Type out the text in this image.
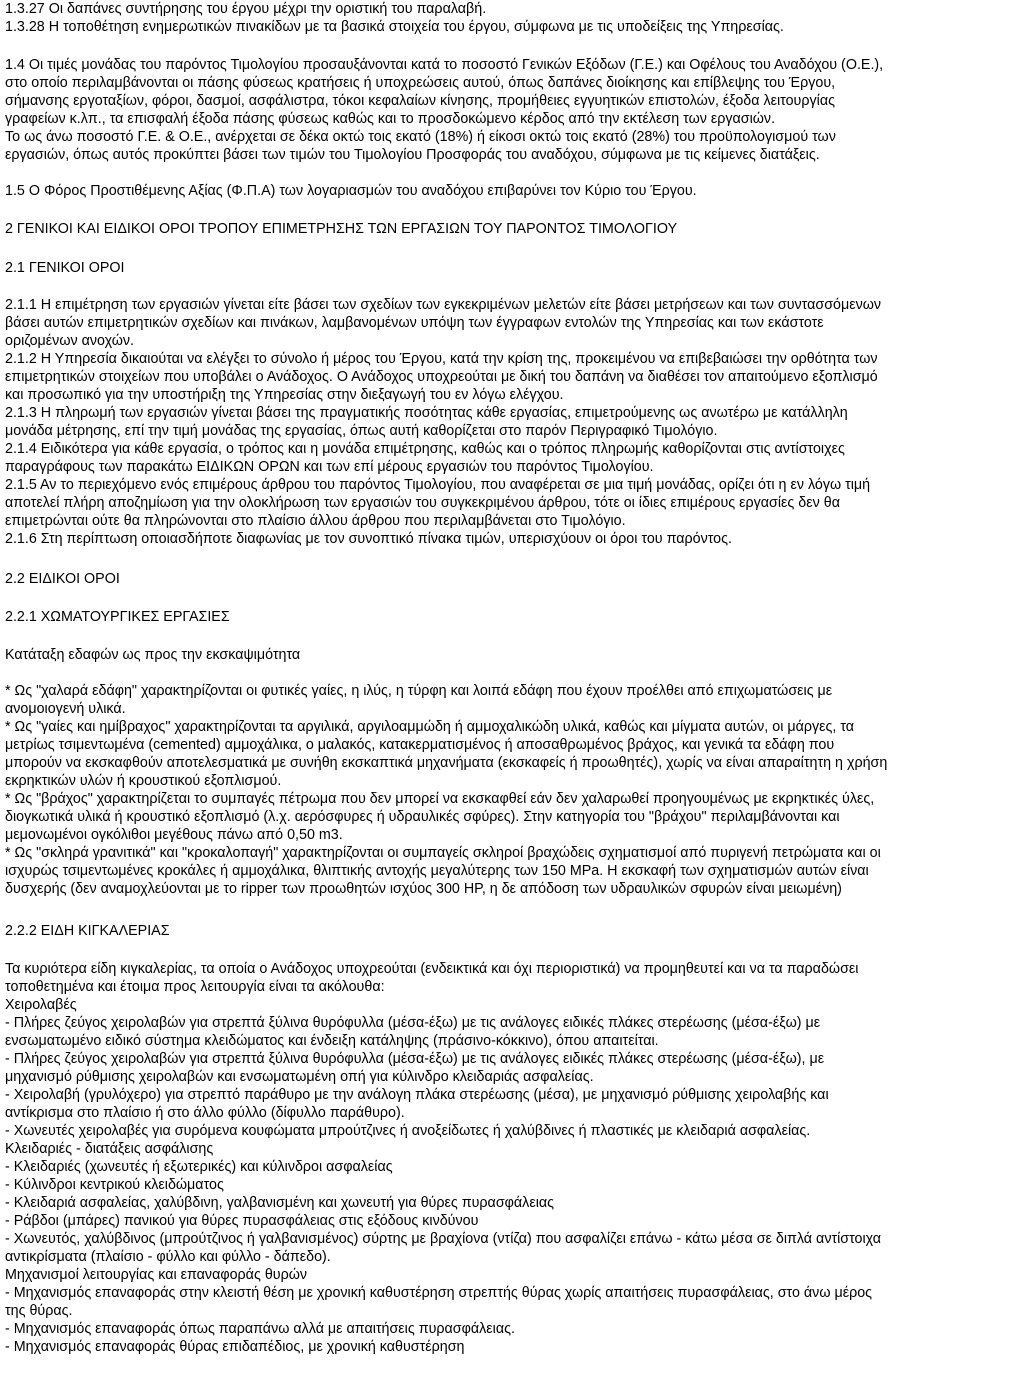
1.3.27 Οι δαπάνες συντήρησης του έργου μέχρι την οριστική του παραλαβή.

1.3.28 Η τοποθέτηση ενημερωτικών πινακίδων με τα βασικά στοιχεία του έργου, σύμφωνα με τις υποδείξεις της Υπηρεσίας.

1.4 Οι τιμές μονάδας του παρόντος Τιμολογίου προσαυξάνονται κατά το ποσοστό Γενικών Εξόδων (Γ.Ε.) και Οφέλους του Αναδόχου (Ο.Ε.),

στο οποίο περιλαμβάνονται οι πάσης φύσεως κρατήσεις ή υποχρεώσεις αυτού, όπως δαπάνες διοίκησης και επίβλεψης του Έργου,

σήμανσης εργοταξίων, φόροι, δασμοί, ασφάλιστρα, τόκοι κεφαλαίων κίνησης, προμήθειες εγγυητικών επιστολών, έξοδα λειτουργίας

γραφείων κ.λπ., τα επισφαλή έξοδα πάσης φύσεως καθώς και το προσδοκώμενο κέρδος από την εκτέλεση των εργασιών.

Το ως άνω ποσοστό Γ.Ε. & Ο.Ε., ανέρχεται σε δέκα οκτώ τοις εκατό (18%) ή είκοσι οκτώ τοις εκατό (28%) του προϋπολογισμού των

εργασιών, όπως αυτός προκύπτει βάσει των τιμών του Τιμολογίου Προσφοράς του αναδόχου, σύμφωνα με τις κείμενες διατάξεις.

1.5 Ο Φόρος Προστιθέμενης Αξίας (Φ.Π.Α) των λογαριασμών του αναδόχου επιβαρύνει τον Κύριο του Έργου.

2 ΓΕΝΙΚΟΙ ΚΑΙ ΕΙΔΙΚΟΙ ΟΡΟΙ ΤΡΟΠΟΥ ΕΠΙΜΕΤΡΗΣΗΣ ΤΩΝ ΕΡΓΑΣΙΩΝ ΤΟΥ ΠΑΡΟΝΤΟΣ ΤΙΜΟΛΟΓΙΟΥ

2.1 ΓΕΝΙΚΟΙ ΟΡΟΙ

2.1.1 Η επιμέτρηση των εργασιών γίνεται είτε βάσει των σχεδίων των εγκεκριμένων μελετών είτε βάσει μετρήσεων και των συντασσόμενων

βάσει αυτών επιμετρητικών σχεδίων και πινάκων, λαμβανομένων υπόψη των έγγραφων εντολών της Υπηρεσίας και των εκάστοτε

οριζομένων ανοχών.

2.1.2 Η Υπηρεσία δικαιούται να ελέγξει το σύνολο ή μέρος του Έργου, κατά την κρίση της, προκειμένου να επιβεβαιώσει την ορθότητα των

επιμετρητικών στοιχείων που υποβάλει ο Ανάδοχος. Ο Ανάδοχος υποχρεούται με δική του δαπάνη να διαθέσει τον απαιτούμενο εξοπλισμό

και προσωπικό για την υποστήριξη της Υπηρεσίας στην διεξαγωγή του εν λόγω ελέγχου.

2.1.3 Η πληρωμή των εργασιών γίνεται βάσει της πραγματικής ποσότητας κάθε εργασίας, επιμετρούμενης ως ανωτέρω με κατάλληλη

μονάδα μέτρησης, επί την τιμή μονάδας της εργασίας, όπως αυτή καθορίζεται στο παρόν Περιγραφικό Τιμολόγιο.

2.1.4 Ειδικότερα για κάθε εργασία, ο τρόπος και η μονάδα επιμέτρησης, καθώς και ο τρόπος πληρωμής καθορίζονται στις αντίστοιχες

παραγράφους των παρακάτω ΕΙΔΙΚΩΝ ΟΡΩΝ και των επί μέρους εργασιών του παρόντος Τιμολογίου.

2.1.5 Αν το περιεχόμενο ενός επιμέρους άρθρου του παρόντος Τιμολογίου, που αναφέρεται σε μια τιμή μονάδας, ορίζει ότι η εν λόγω τιμή

αποτελεί πλήρη αποζημίωση για την ολοκλήρωση των εργασιών του συγκεκριμένου άρθρου, τότε οι ίδιες επιμέρους εργασίες δεν θα

επιμετρώνται ούτε θα πληρώνονται στο πλαίσιο άλλου άρθρου που περιλαμβάνεται στο Τιμολόγιο.

2.1.6 Στη περίπτωση οποιασδήποτε διαφωνίας με τον συνοπτικό πίνακα τιμών, υπερισχύουν οι όροι του παρόντος.

2.2 ΕΙΔΙΚΟΙ ΟΡΟΙ

2.2.1 ΧΩΜΑΤΟΥΡΓΙΚΕΣ ΕΡΓΑΣΙΕΣ

Κατάταξη εδαφών ως προς την εκσκαψιμότητα

* Ως "χαλαρά εδάφη" χαρακτηρίζονται οι φυτικές γαίες, η ιλύς, η τύρφη και λοιπά εδάφη που έχουν προέλθει από επιχωματώσεις με

ανομοιογενή υλικά.

* Ως "γαίες και ημίβραχος" χαρακτηρίζονται τα αργιλικά, αργιλοαμμώδη ή αμμοχαλικώδη υλικά, καθώς και μίγματα αυτών, οι μάργες, τα

μετρίως τσιμεντωμένα (cemented) αμμοχάλικα, ο μαλακός, κατακερματισμένος ή αποσαθρωμένος βράχος, και γενικά τα εδάφη που

μπορούν να εκσκαφθούν αποτελεσματικά με συνήθη εκσκαπτικά μηχανήματα (εκσκαφείς ή προωθητές), χωρίς να είναι απαραίτητη η χρήση

εκρηκτικών υλών ή κρουστικού εξοπλισμού.

* Ως "βράχος" χαρακτηρίζεται το συμπαγές πέτρωμα που δεν μπορεί να εκσκαφθεί εάν δεν χαλαρωθεί προηγουμένως με εκρηκτικές ύλες,

διογκωτικά υλικά ή κρουστικό εξοπλισμό (λ.χ. αερόσφυρες ή υδραυλικές σφύρες). Στην κατηγορία του "βράχου" περιλαμβάνονται και

μεμονωμένοι ογκόλιθοι μεγέθους πάνω από 0,50 m3.

* Ως "σκληρά γρανιτικά" και "κροκαλοπαγή" χαρακτηρίζονται οι συμπαγείς σκληροί βραχώδεις σχηματισμοί από πυριγενή πετρώματα και οι

ισχυρώς τσιμεντωμένες κροκάλες ή αμμοχάλικα, θλιπτικής αντοχής μεγαλύτερης των 150 MPa. Η εκσκαφή των σχηματισμών αυτών είναι

δυσχερής (δεν αναμοχλεύονται με το ripper των προωθητών ισχύος 300 HP, η δε απόδοση των υδραυλικών σφυρών είναι μειωμένη)

2.2.2 ΕΙΔΗ ΚΙΓΚΑΛΕΡΙΑΣ

Τα κυριότερα είδη κιγκαλερίας, τα οποία ο Ανάδοχος υποχρεούται (ενδεικτικά και όχι περιοριστικά) να προμηθευτεί και να τα παραδώσει

τοποθετημένα και έτοιμα προς λειτουργία είναι τα ακόλουθα:

Χειρολαβές

- Πλήρες ζεύγος χειρολαβών για στρεπτά ξύλινα θυρόφυλλα (μέσα-έξω) με τις ανάλογες ειδικές πλάκες στερέωσης (μέσα-έξω) με

ενσωματωμένο ειδικό σύστημα κλειδώματος και ένδειξη κατάληψης (πράσινο-κόκκινο), όπου απαιτείται.

- Πλήρες ζεύγος χειρολαβών για στρεπτά ξύλινα θυρόφυλλα (μέσα-έξω) με τις ανάλογες ειδικές πλάκες στερέωσης (μέσα-έξω), με

μηχανισμό ρύθμισης χειρολαβών και ενσωματωμένη οπή για κύλινδρο κλειδαριάς ασφαλείας.

- Χειρολαβή (γρυλόχερο) για στρεπτό παράθυρο με την ανάλογη πλάκα στερέωσης (μέσα), με μηχανισμό ρύθμισης χειρολαβής και

αντίκρισμα στο πλαίσιο ή στο άλλο φύλλο (δίφυλλο παράθυρο).

- Χωνευτές χειρολαβές για συρόμενα κουφώματα μπρούτζινες ή ανοξείδωτες ή χαλύβδινες ή πλαστικές με κλειδαριά ασφαλείας.

Κλειδαριές - διατάξεις ασφάλισης

- Κλειδαριές (χωνευτές ή εξωτερικές) και κύλινδροι ασφαλείας

- Κύλινδροι κεντρικού κλειδώματος

- Κλειδαριά ασφαλείας, χαλύβδινη, γαλβανισμένη και χωνευτή για θύρες πυρασφάλειας

- Ράβδοι (μπάρες) πανικού για θύρες πυρασφάλειας στις εξόδους κινδύνου

- Χωνευτός, χαλύβδινος (μπρούτζινος ή γαλβανισμένος) σύρτης με βραχίονα (ντίζα) που ασφαλίζει επάνω - κάτω μέσα σε διπλά αντίστοιχα

αντικρίσματα (πλαίσιο - φύλλο και φύλλο - δάπεδο).

Μηχανισμοί λειτουργίας και επαναφοράς θυρών

- Μηχανισμός επαναφοράς στην κλειστή θέση με χρονική καθυστέρηση στρεπτής θύρας χωρίς απαιτήσεις πυρασφάλειας, στο άνω μέρος

της θύρας.

- Μηχανισμός επαναφοράς όπως παραπάνω αλλά με απαιτήσεις πυρασφάλειας.

- Μηχανισμός επαναφοράς θύρας επιδαπέδιος, με χρονική καθυστέρηση
